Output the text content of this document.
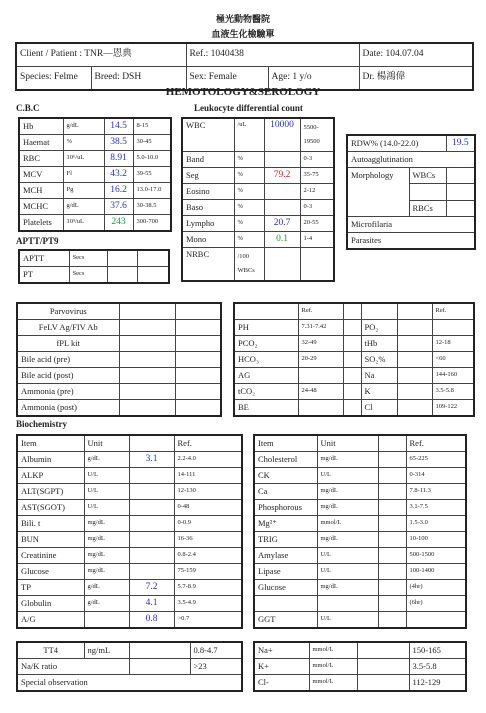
極光動物醫院
血液生化檢驗單
Client / Patient : TNR—恩典		Ref.: 1040438		Date: 104.07.04
Species: Felme	Breed: DSH	Sex: Female	Age: 1 y/o	Dr. 楊鴻偉
HEMOTOLOGY&SEROLOGY
C.B.C
Hb	g/dL	14.5	8-15
Haemat	%	38.5	30-45
RBC	10⁶/uL	8.91	5.0-10.0
MCV	Fl	43.2	39-55
MCH	Pg	16.2	13.0-17.0
MCHC	g/dL	37.6	30-38.5
Platelets	10³/uL	243	300-700
APTT/PT9
APTT	Secs		
PT	Secs		
Leukocyte differential count
WBC	/uL	10000	5500-
19500

Band	%		0-3
Seg	%	79.2	35-75
Eosino	%		2-12
Baso	%		0-3
Lympho	%	20.7	20-55
Mono	%	0.1	1-4
NRBC	/100
WBCs		

RDW% (14.0-22.0)		19.5
Autoagglutination		
Morphology	WBCs	

	RBCs	
Microfilaria		
Parasites		
Parvovirus		
FeLV Ag/FIV Ab		
fPL kit		
Bile acid (pre)		
Bile acid (post)		
Ammonia (pre)		
Ammonia (post)		
	Ref.				Ref.
PH	7.31-7.42		PO₂		
PCO₂	32-49		tHb		12-18
HCO₃	20-29		SO₂%		<60
AG			Na		144-160
tCO₂	24-48		K		3.5-5.8
BE			Cl		109-122
Biochemistry
Item	Unit		Ref.
Albumin	g/dL	3.1	2.2-4.0
ALKP	U/L		14-111
ALT(SGPT)	U/L		12-130
AST(SGOT)	U/L		0-48
Bili. t	mg/dL		0-0.9
BUN	mg/dL		16-36
Creatinine	mg/dL		0.8-2.4
Glucose	mg/dL		75-159
TP	g/dL	7.2	5.7-8.9
Globulin	g/dL	4.1	3.5-4.9
A/G		0.8	>0.7
Item	Unit		Ref.
Cholesterol	mg/dL		65-225
CK	U/L		0-314
Ca	mg/dL		7.8-11.3
Phosphorous	mg/dL		3.1-7.5
Mg²⁺	mmol/L		1.5-3.0
TRIG	mg/dL		10-100
Amylase	U/L		500-1500
Lipase	U/L		100-1400
Glucose	mg/dL		(4hr)
			(6hr)
GGT	U/L		
TT4	ng/mL		0.8-4.7
Na/K ratio			>23
Special observation			
Na+	mmol/L		150-165
K+	mmol/L		3.5-5.8
Cl-	mmol/L		112-129
